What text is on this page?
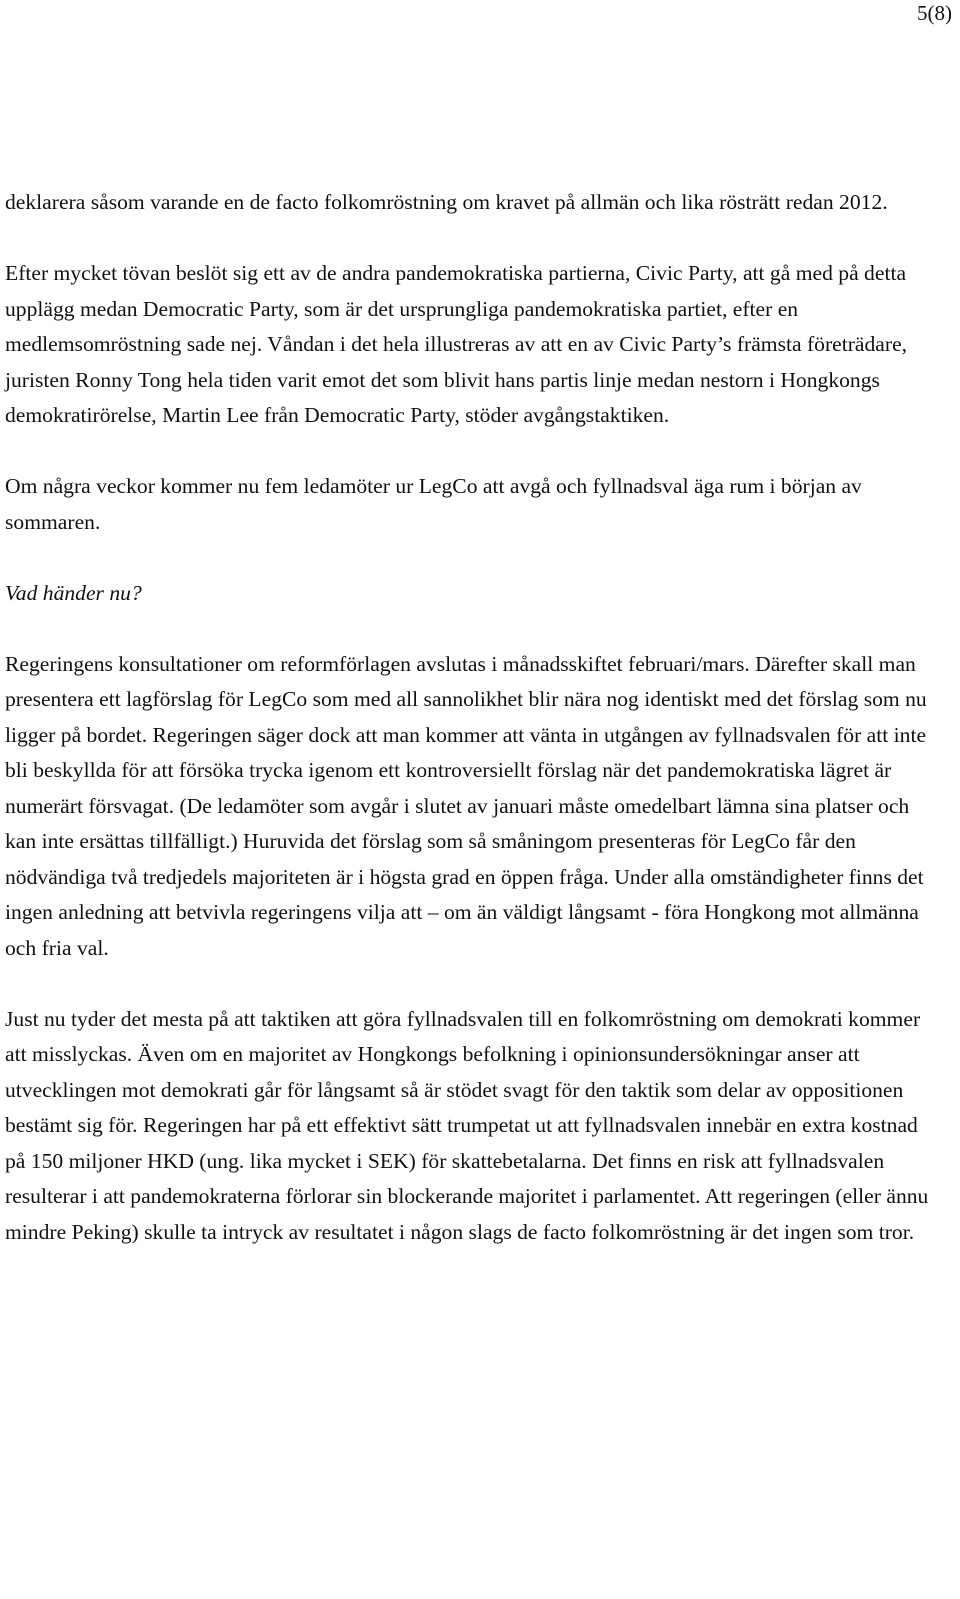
5(8)

deklarera såsom varande en de facto folkomröstning om kravet på allmän och lika rösträtt redan 2012.

Efter mycket tövan beslöt sig ett av de andra pandemokratiska partierna, Civic Party, att gå med på detta upplägg medan Democratic Party, som är det ursprungliga pandemokratiska partiet, efter en medlemsomröstning sade nej. Våndan i det hela illustreras av att en av Civic Party’s främsta företrädare, juristen Ronny Tong hela tiden varit emot det som blivit hans partis linje medan nestorn i Hongkongs demokratirörelse, Martin Lee från Democratic Party, stöder avgångstaktiken.

Om några veckor kommer nu fem ledamöter ur LegCo att avgå och fyllnadsval äga rum i början av sommaren.

Vad händer nu?

Regeringens konsultationer om reformförlagen avslutas i månadsskiftet februari/mars. Därefter skall man presentera ett lagförslag för LegCo som med all sannolikhet blir nära nog identiskt med det förslag som nu ligger på bordet. Regeringen säger dock att man kommer att vänta in utgången av fyllnadsvalen för att inte bli beskyllda för att försöka trycka igenom ett kontroversiellt förslag när det pandemokratiska lägret är numerärt försvagat. (De ledamöter som avgår i slutet av januari måste omedelbart lämna sina platser och kan inte ersättas tillfälligt.) Huruvida det förslag som så småningom presenteras för LegCo får den nödvändiga två tredjedels majoriteten är i högsta grad en öppen fråga. Under alla omständigheter finns det ingen anledning att betvivla regeringens vilja att – om än väldigt långsamt - föra Hongkong mot allmänna och fria val.

Just nu tyder det mesta på att taktiken att göra fyllnadsvalen till en folkomröstning om demokrati kommer att misslyckas. Även om en majoritet av Hongkongs befolkning i opinionsundersökningar anser att utvecklingen mot demokrati går för långsamt så är stödet svagt för den taktik som delar av oppositionen bestämt sig för. Regeringen har på ett effektivt sätt trumpetat ut att fyllnadsvalen innebär en extra kostnad på 150 miljoner HKD (ung. lika mycket i SEK) för skattebetalarna. Det finns en risk att fyllnadsvalen resulterar i att pandemokraterna förlorar sin blockerande majoritet i parlamentet. Att regeringen (eller ännu mindre Peking) skulle ta intryck av resultatet i någon slags de facto folkomröstning är det ingen som tror.
